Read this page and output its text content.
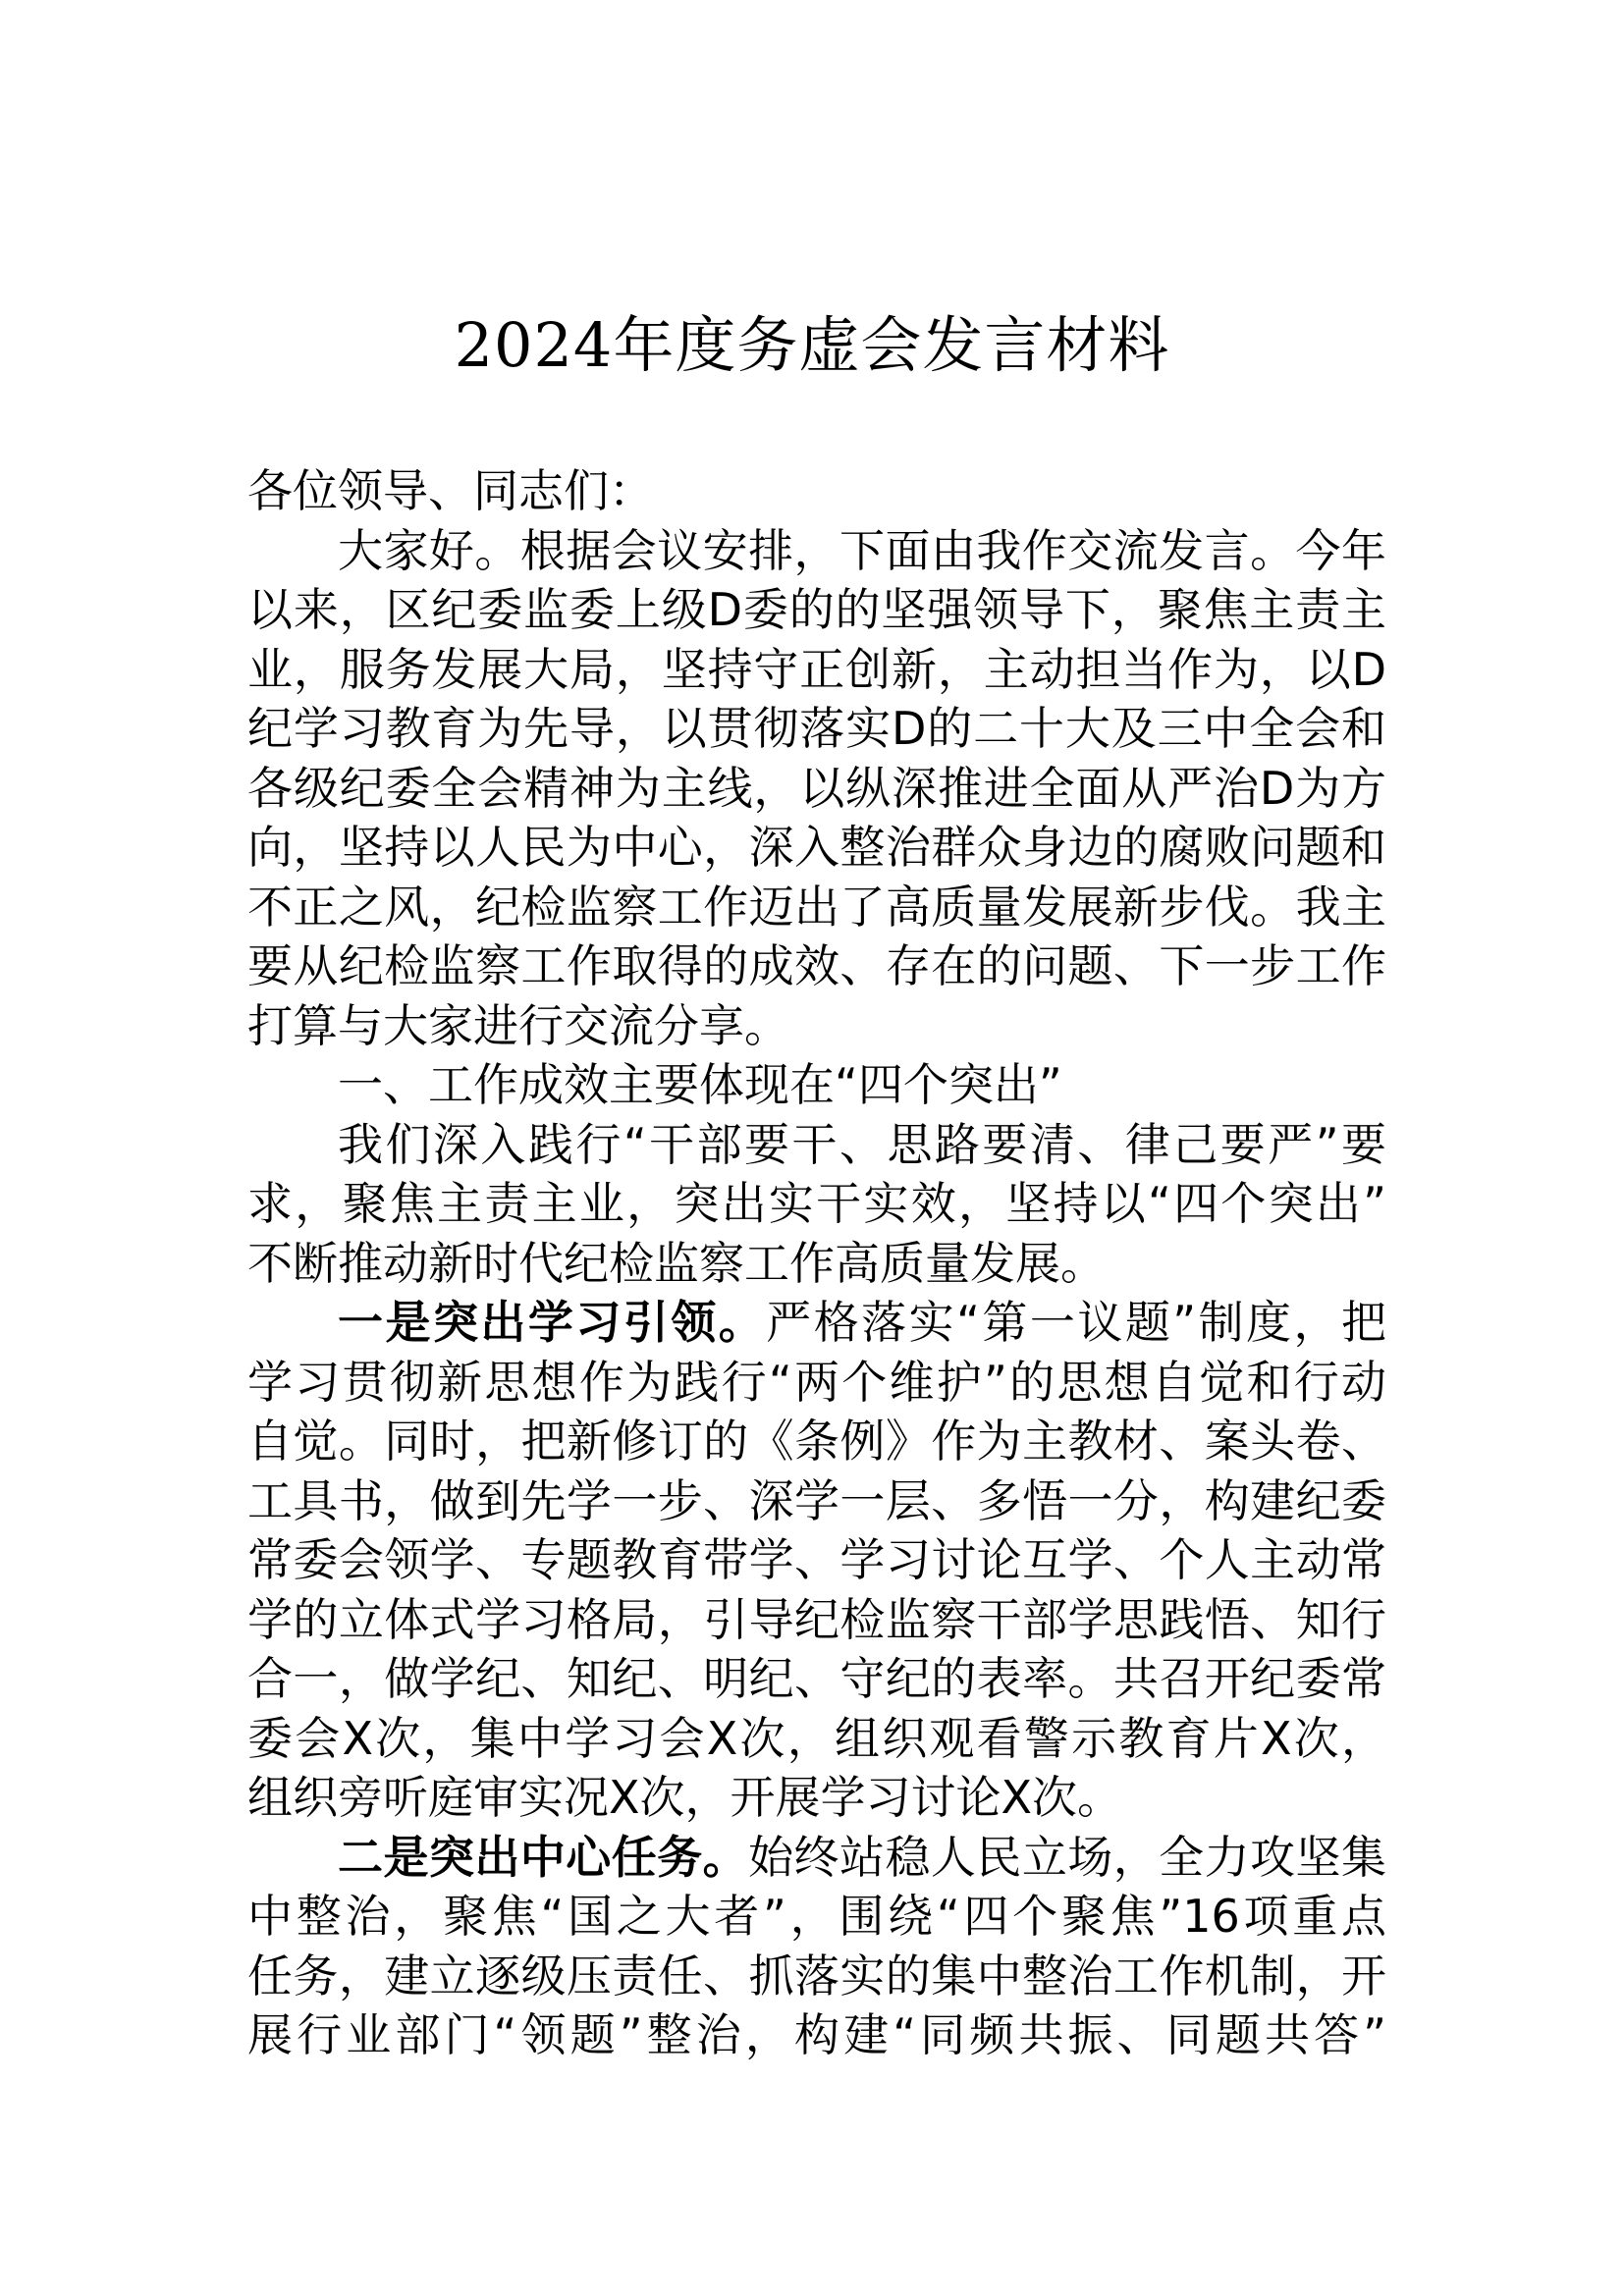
2024年度务虚会发言材料
各位领导、同志们：
大家好。根据会议安排，下面由我作交流发言。今年
以来，区纪委监委上级D委的的坚强领导下，聚焦主责主
业，服务发展大局，坚持守正创新，主动担当作为，以D
纪学习教育为先导，以贯彻落实D的二十大及三中全会和
各级纪委全会精神为主线，以纵深推进全面从严治D为方
向，坚持以人民为中心，深入整治群众身边的腐败问题和
不正之风，纪检监察工作迈出了高质量发展新步伐。我主
要从纪检监察工作取得的成效、存在的问题、下一步工作
打算与大家进行交流分享。
一、工作成效主要体现在“四个突出”
我们深入践行“干部要干、思路要清、律己要严”要
求，聚焦主责主业，突出实干实效，坚持以“四个突出”
不断推动新时代纪检监察工作高质量发展。
一是突出学习引领。严格落实“第一议题”制度，把
学习贯彻新思想作为践行“两个维护”的思想自觉和行动
自觉。同时，把新修订的《条例》作为主教材、案头卷、
工具书，做到先学一步、深学一层、多悟一分，构建纪委
常委会领学、专题教育带学、学习讨论互学、个人主动常
学的立体式学习格局，引导纪检监察干部学思践悟、知行
合一，做学纪、知纪、明纪、守纪的表率。共召开纪委常
委会X次，集中学习会X次，组织观看警示教育片X次，
组织旁听庭审实况X次，开展学习讨论X次。
二是突出中心任务。始终站稳人民立场，全力攻坚集
中整治，聚焦“国之大者”，围绕“四个聚焦”16项重点
任务，建立逐级压责任、抓落实的集中整治工作机制，开
展行业部门“领题”整治，构建“同频共振、同题共答”
